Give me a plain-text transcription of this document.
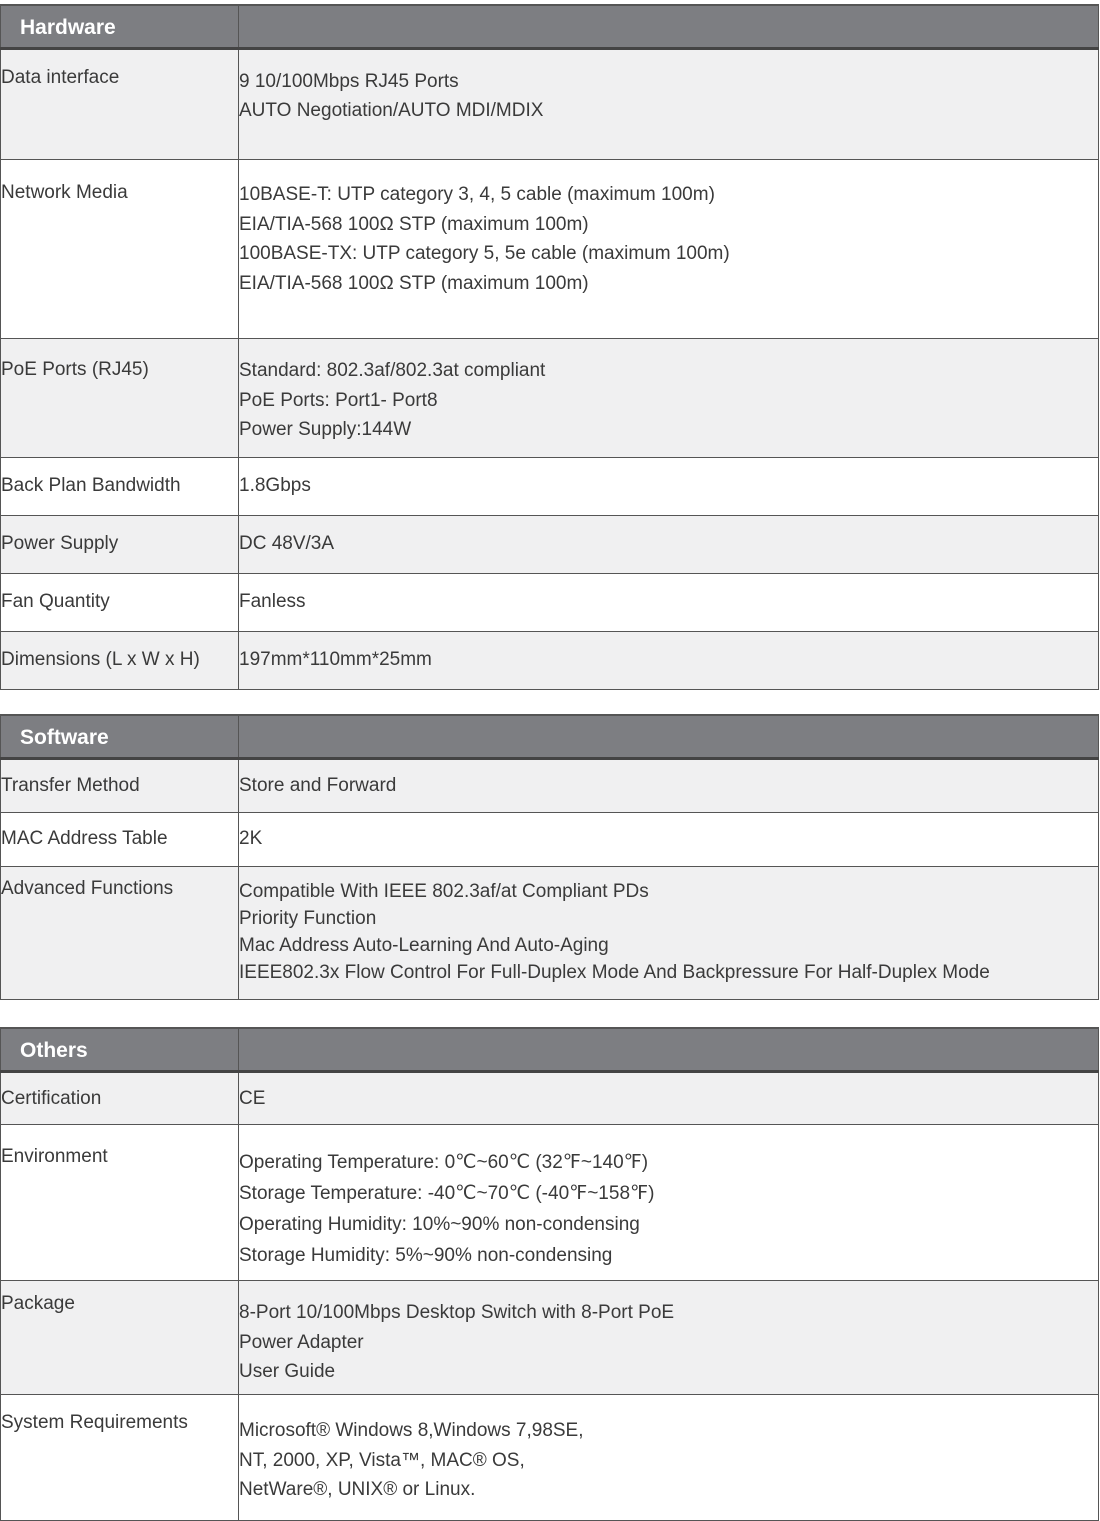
Hardware	

Data interface	9 10/100Mbps RJ45 Ports
AUTO Negotiation/AUTO MDI/MDIX

Network Media	10BASE-T: UTP category 3, 4, 5 cable (maximum 100m)
EIA/TIA-568 100Ω STP (maximum 100m)
100BASE-TX: UTP category 5, 5e cable (maximum 100m)
EIA/TIA-568 100Ω STP (maximum 100m)

PoE Ports (RJ45)	Standard: 802.3af/802.3at compliant
PoE Ports: Port1- Port8
Power Supply:144W

Back Plan Bandwidth	1.8Gbps
Power Supply	DC 48V/3A
Fan Quantity	Fanless
Dimensions (L x W x H)	197mm*110mm*25mm
Software	

Transfer Method	Store and Forward
MAC Address Table	2K
Advanced Functions	Compatible With IEEE 802.3af/at Compliant PDs
Priority Function
Mac Address Auto-Learning And Auto-Aging
IEEE802.3x Flow Control For Full-Duplex Mode And Backpressure For Half-Duplex Mode
Others	

Certification	CE
Environment	Operating Temperature: 0℃~60℃ (32℉~140℉)
Storage Temperature: -40℃~70℃ (-40℉~158℉)
Operating Humidity: 10%~90% non-condensing
Storage Humidity: 5%~90% non-condensing

Package	8-Port 10/100Mbps Desktop Switch with 8-Port PoE
Power Adapter
User Guide

System Requirements	Microsoft® Windows 8,Windows 7,98SE,
NT, 2000, XP, Vista™, MAC® OS,
NetWare®, UNIX® or Linux.
